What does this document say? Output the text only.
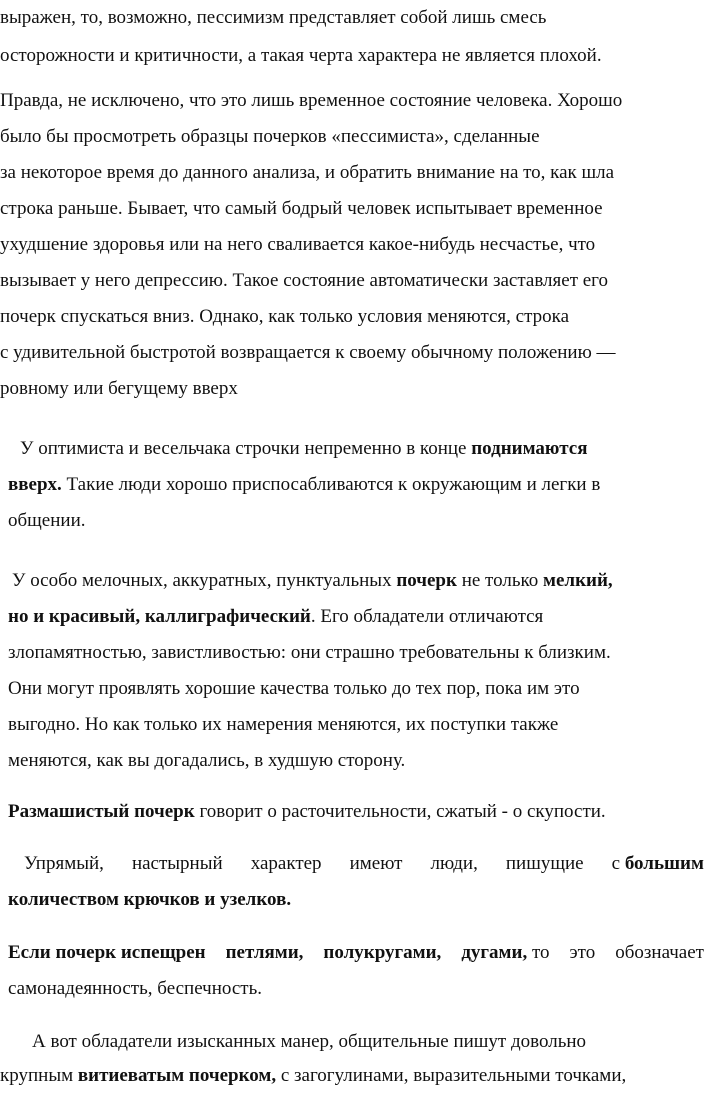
выражен, то, возможно, пессимизм представляет собой лишь смесь
осторожности и критичности, а такая черта характера не является плохой.
Правда, не исключено, что это лишь временное состояние человека. Хорошо
было бы просмотреть образцы почерков «пессимиста», сделанные
за некоторое время до данного анализа, и обратить внимание на то, как шла
строка раньше. Бывает, что самый бодрый человек испытывает временное
ухудшение здоровья или на него сваливается какое-нибудь несчастье, что
вызывает у него депрессию. Такое состояние автоматически заставляет его
почерк спускаться вниз. Однако, как только условия меняются, строка
с удивительной быстротой возвращается к своему обычному положению —
ровному или бегущему вверх
У оптимиста и весельчака строчки непременно в конце поднимаются
вверх. Такие люди хорошо приспосабливаются к окружающим и легки в
общении.
У особо мелочных, аккуратных, пунктуальных почерк не только мелкий,
но и красивый, каллиграфический. Его обладатели отличаются
злопамятностью, завистливостью: они страшно требовательны к близким.
Они могут проявлять хорошие качества только до тех пор, пока им это
выгодно. Но как только их намерения меняются, их поступки также
меняются, как вы догадались, в худшую сторону.
Размашистый почерк говорит о расточительности, сжатый - о скупости.
Упрямый, настырный характер имеют люди, пишущие с большим
количеством крючков и узелков.
Если почерк испещрен петлями, полукругами, дугами, то это обозначает
самонадеянность, беспечность.
А вот обладатели изысканных манер, общительные пишут довольно
крупным витиеватым почерком, с загогулинами, выразительными точками,
